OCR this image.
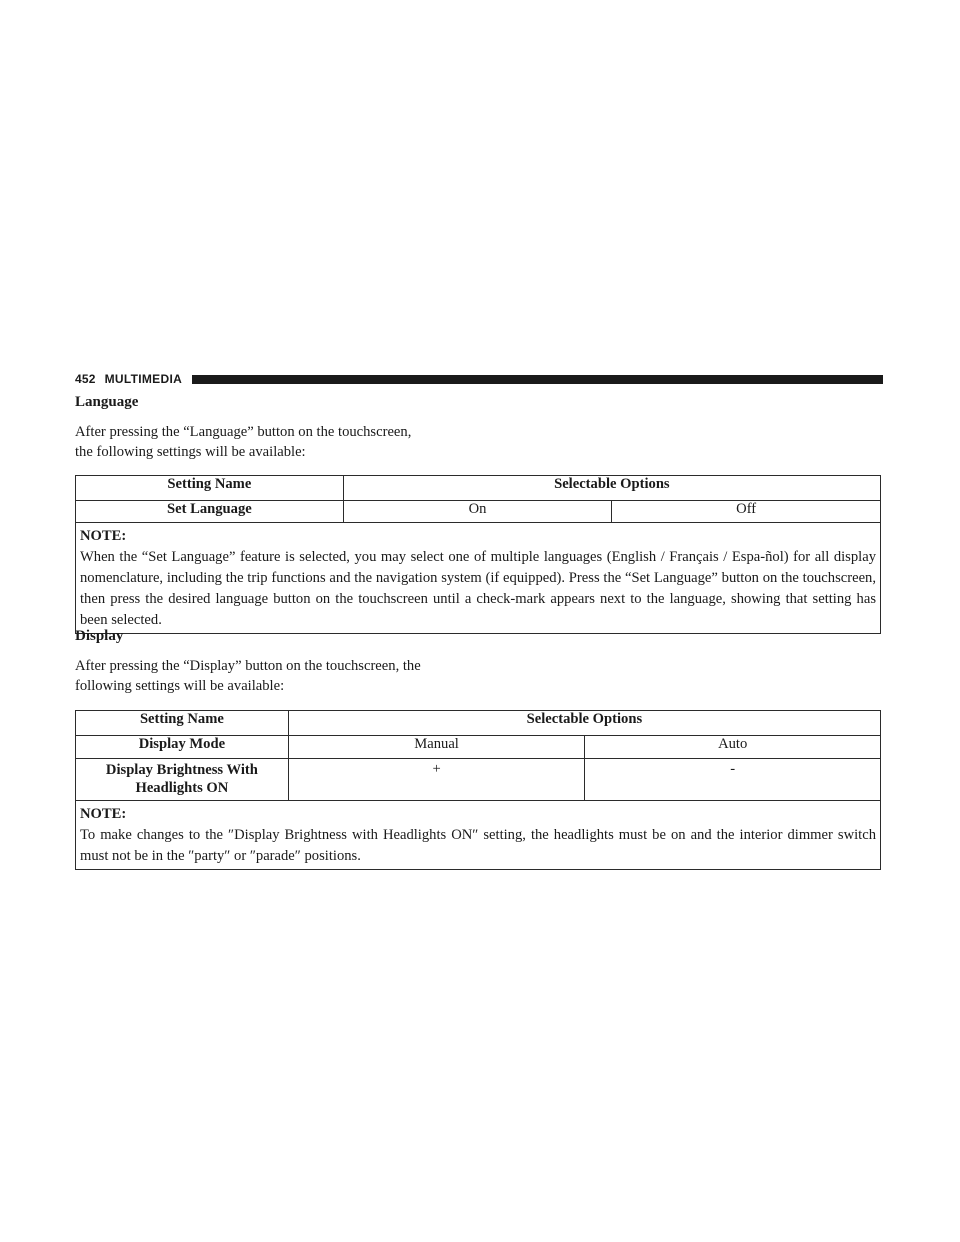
452 MULTIMEDIA
Language

After pressing the “Language” button on the touchscreen,
the following settings will be available:

Setting Name	Selectable Options	
Set Language	On	Off

NOTE:
When the “Set Language” feature is selected, you may select one of multiple languages (English / Français / Espa-ñol) for all display nomenclature, including the trip functions and the navigation system (if equipped). Press the “Set Language” button on the touchscreen, then press the desired language button on the touchscreen until a check-mark appears next to the language, showing that setting has been selected.		
Display

After pressing the “Display” button on the touchscreen, the
following settings will be available:

Setting Name	Selectable Options	
Display Mode	Manual	Auto

Display Brightness With
Headlights ON	+	-

NOTE:
To make changes to the ″Display Brightness with Headlights ON″ setting, the headlights must be on and the interior dimmer switch must not be in the ″party″ or ″parade″ positions.		
